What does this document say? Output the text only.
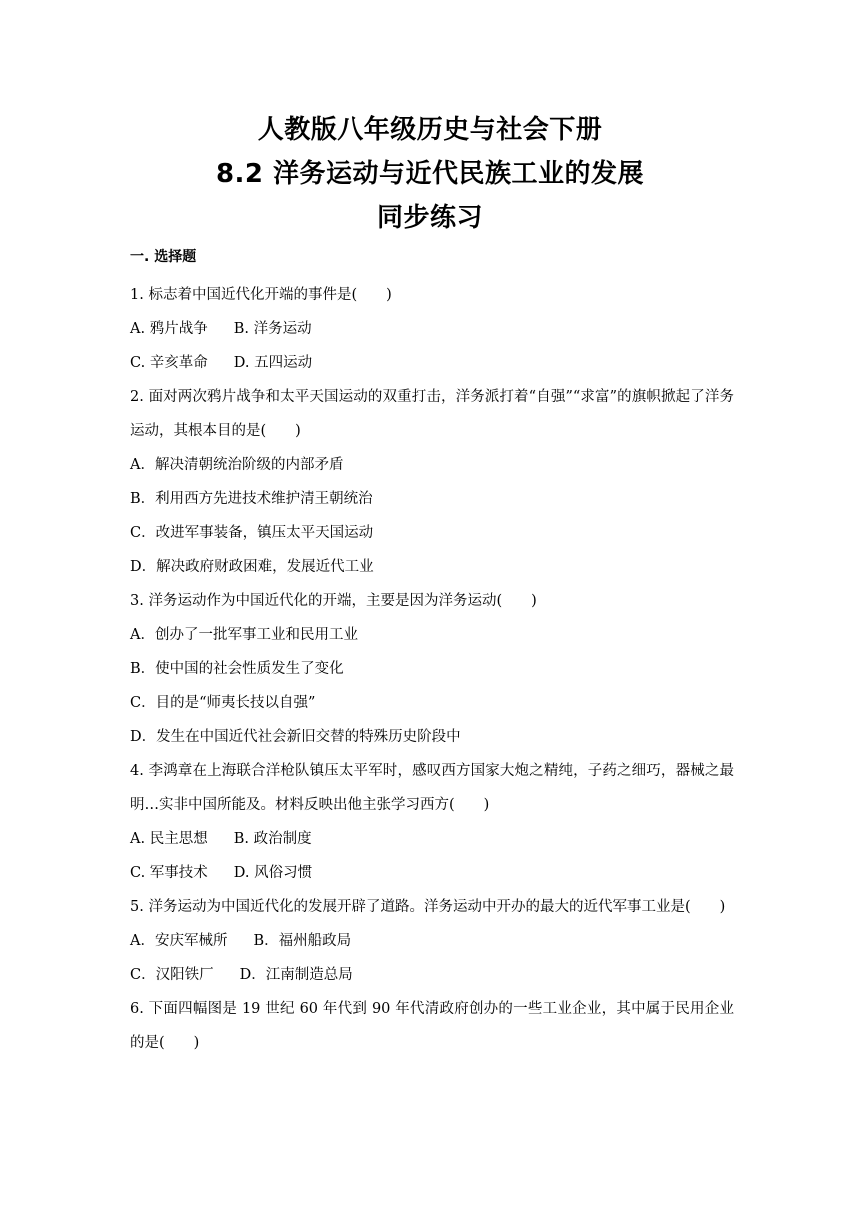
人教版八年级历史与社会下册
8.2 洋务运动与近代民族工业的发展
同步练习
一. 选择题
1. 标志着中国近代化开端的事件是(　　)
A. 鸦片战争 B. 洋务运动
C. 辛亥革命 D. 五四运动
2. 面对两次鸦片战争和太平天国运动的双重打击，洋务派打着“自强”“求富”的旗帜掀起了洋务运动，其根本目的是(　　)
A．解决清朝统治阶级的内部矛盾
B．利用西方先进技术维护清王朝统治
C．改进军事装备，镇压太平天国运动
D．解决政府财政困难，发展近代工业
3. 洋务运动作为中国近代化的开端，主要是因为洋务运动(　　)
A．创办了一批军事工业和民用工业
B．使中国的社会性质发生了变化
C．目的是“师夷长技以自强”
D．发生在中国近代社会新旧交替的特殊历史阶段中
4. 李鸿章在上海联合洋枪队镇压太平军时，感叹西方国家大炮之精纯，子药之细巧，器械之最明…实非中国所能及。材料反映出他主张学习西方(　　)
A. 民主思想 B. 政治制度
C. 军事技术 D. 风俗习惯
5. 洋务运动为中国近代化的发展开辟了道路。洋务运动中开办的最大的近代军事工业是(　　)
A．安庆军械所 B．福州船政局
C．汉阳铁厂 D．江南制造总局
6. 下面四幅图是 19 世纪 60 年代到 90 年代清政府创办的一些工业企业，其中属于民用企业的是(　　)
